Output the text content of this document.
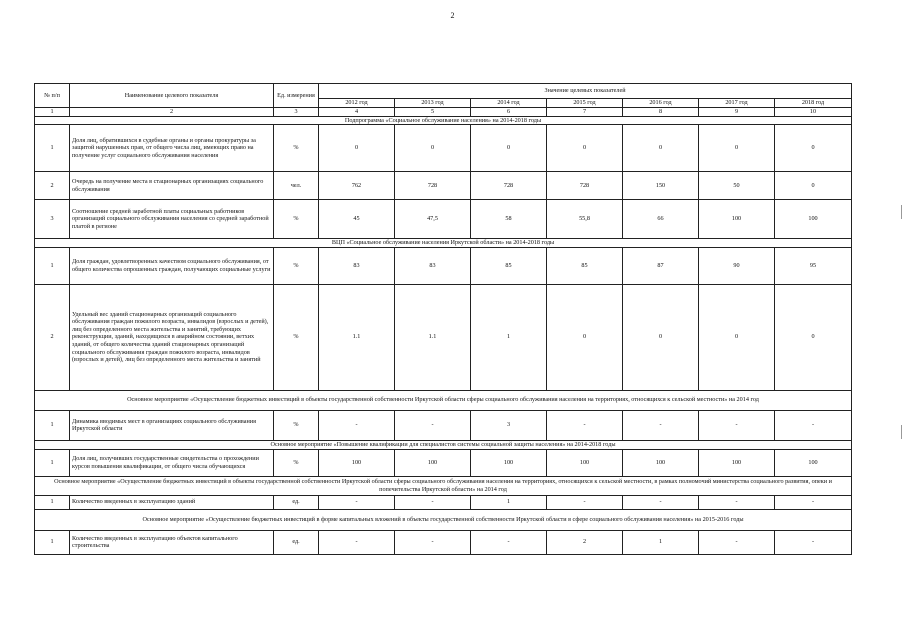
2
№ п/п	Наименование целевого показателя	Ед. измерения	Значение целевых показателей						
			2012 год	2013 год	2014 год	2015 год	2016 год	2017 год	2018 год
1	2	3	4	5	6	7	8	9	10
Подпрограмма «Социальное обслуживание населения» на 2014-2018 годы									
1	Доля лиц, обратившихся в судебные органы и органы прокуратуры за защитой нарушенных прав, от общего числа лиц, имеющих право на получение услуг социального обслуживания населения	%	0	0	0	0	0	0	0
2	Очередь на получение места в стационарных организациях социального обслуживания	чел.	762	728	728	728	150	50	0
3	Соотношение средней заработной платы социальных работников организаций социального обслуживания населения со средней заработной платой в регионе	%	45	47,5	58	55,8	66	100	100
ВЦП «Социальное обслуживание населения Иркутской области» на 2014-2018 годы									
1	Доля граждан, удовлетворенных качеством социального обслуживания, от общего количества опрошенных граждан, получающих социальные услуги	%	83	83	85	85	87	90	95
2	Удельный вес зданий стационарных организаций социального обслуживания граждан пожилого возраста, инвалидов (взрослых и детей), лиц без определенного места жительства и занятий, требующих реконструкции, зданий, находящихся в аварийном состоянии, ветхих зданий, от общего количества зданий стационарных организаций социального обслуживания граждан пожилого возраста, инвалидов (взрослых и детей), лиц без определенного места жительства и занятий	%	1.1	1.1	1	0	0	0	0
Основное мероприятие «Осуществление бюджетных инвестиций в объекты государственной собственности Иркутской области сферы социального обслуживания населения на территориях, относящихся к сельской местности» на 2014 год									
1	Динамика вводимых мест в организациях социального обслуживания Иркутской области	%	-	-	3	-	-	-	-
Основное мероприятие «Повышение квалификации для специалистов системы социальной защиты населения» на 2014-2018 годы									
1	Доля лиц, получивших государственные свидетельства о прохождении курсов повышения квалификации, от общего числа обучающихся	%	100	100	100	100	100	100	100
Основное мероприятие «Осуществление бюджетных инвестиций в объекты государственной собственности Иркутской области сферы социального обслуживания населения на территориях, относящихся к сельской местности, в рамках полномочий министерства социального развития, опеки и попечительства Иркутской области» на 2014 год									
1	Количество введенных в эксплуатацию зданий	ед.	-	-	1	-	-	-	-
Основное мероприятие «Осуществление бюджетных инвестиций в форме капитальных вложений в объекты государственной собственности Иркутской области в сфере социального обслуживания населения» на 2015-2016 годы									
1	Количество введенных в эксплуатацию объектов капитального строительства	ед.	-	-	-	2	1	-	-
